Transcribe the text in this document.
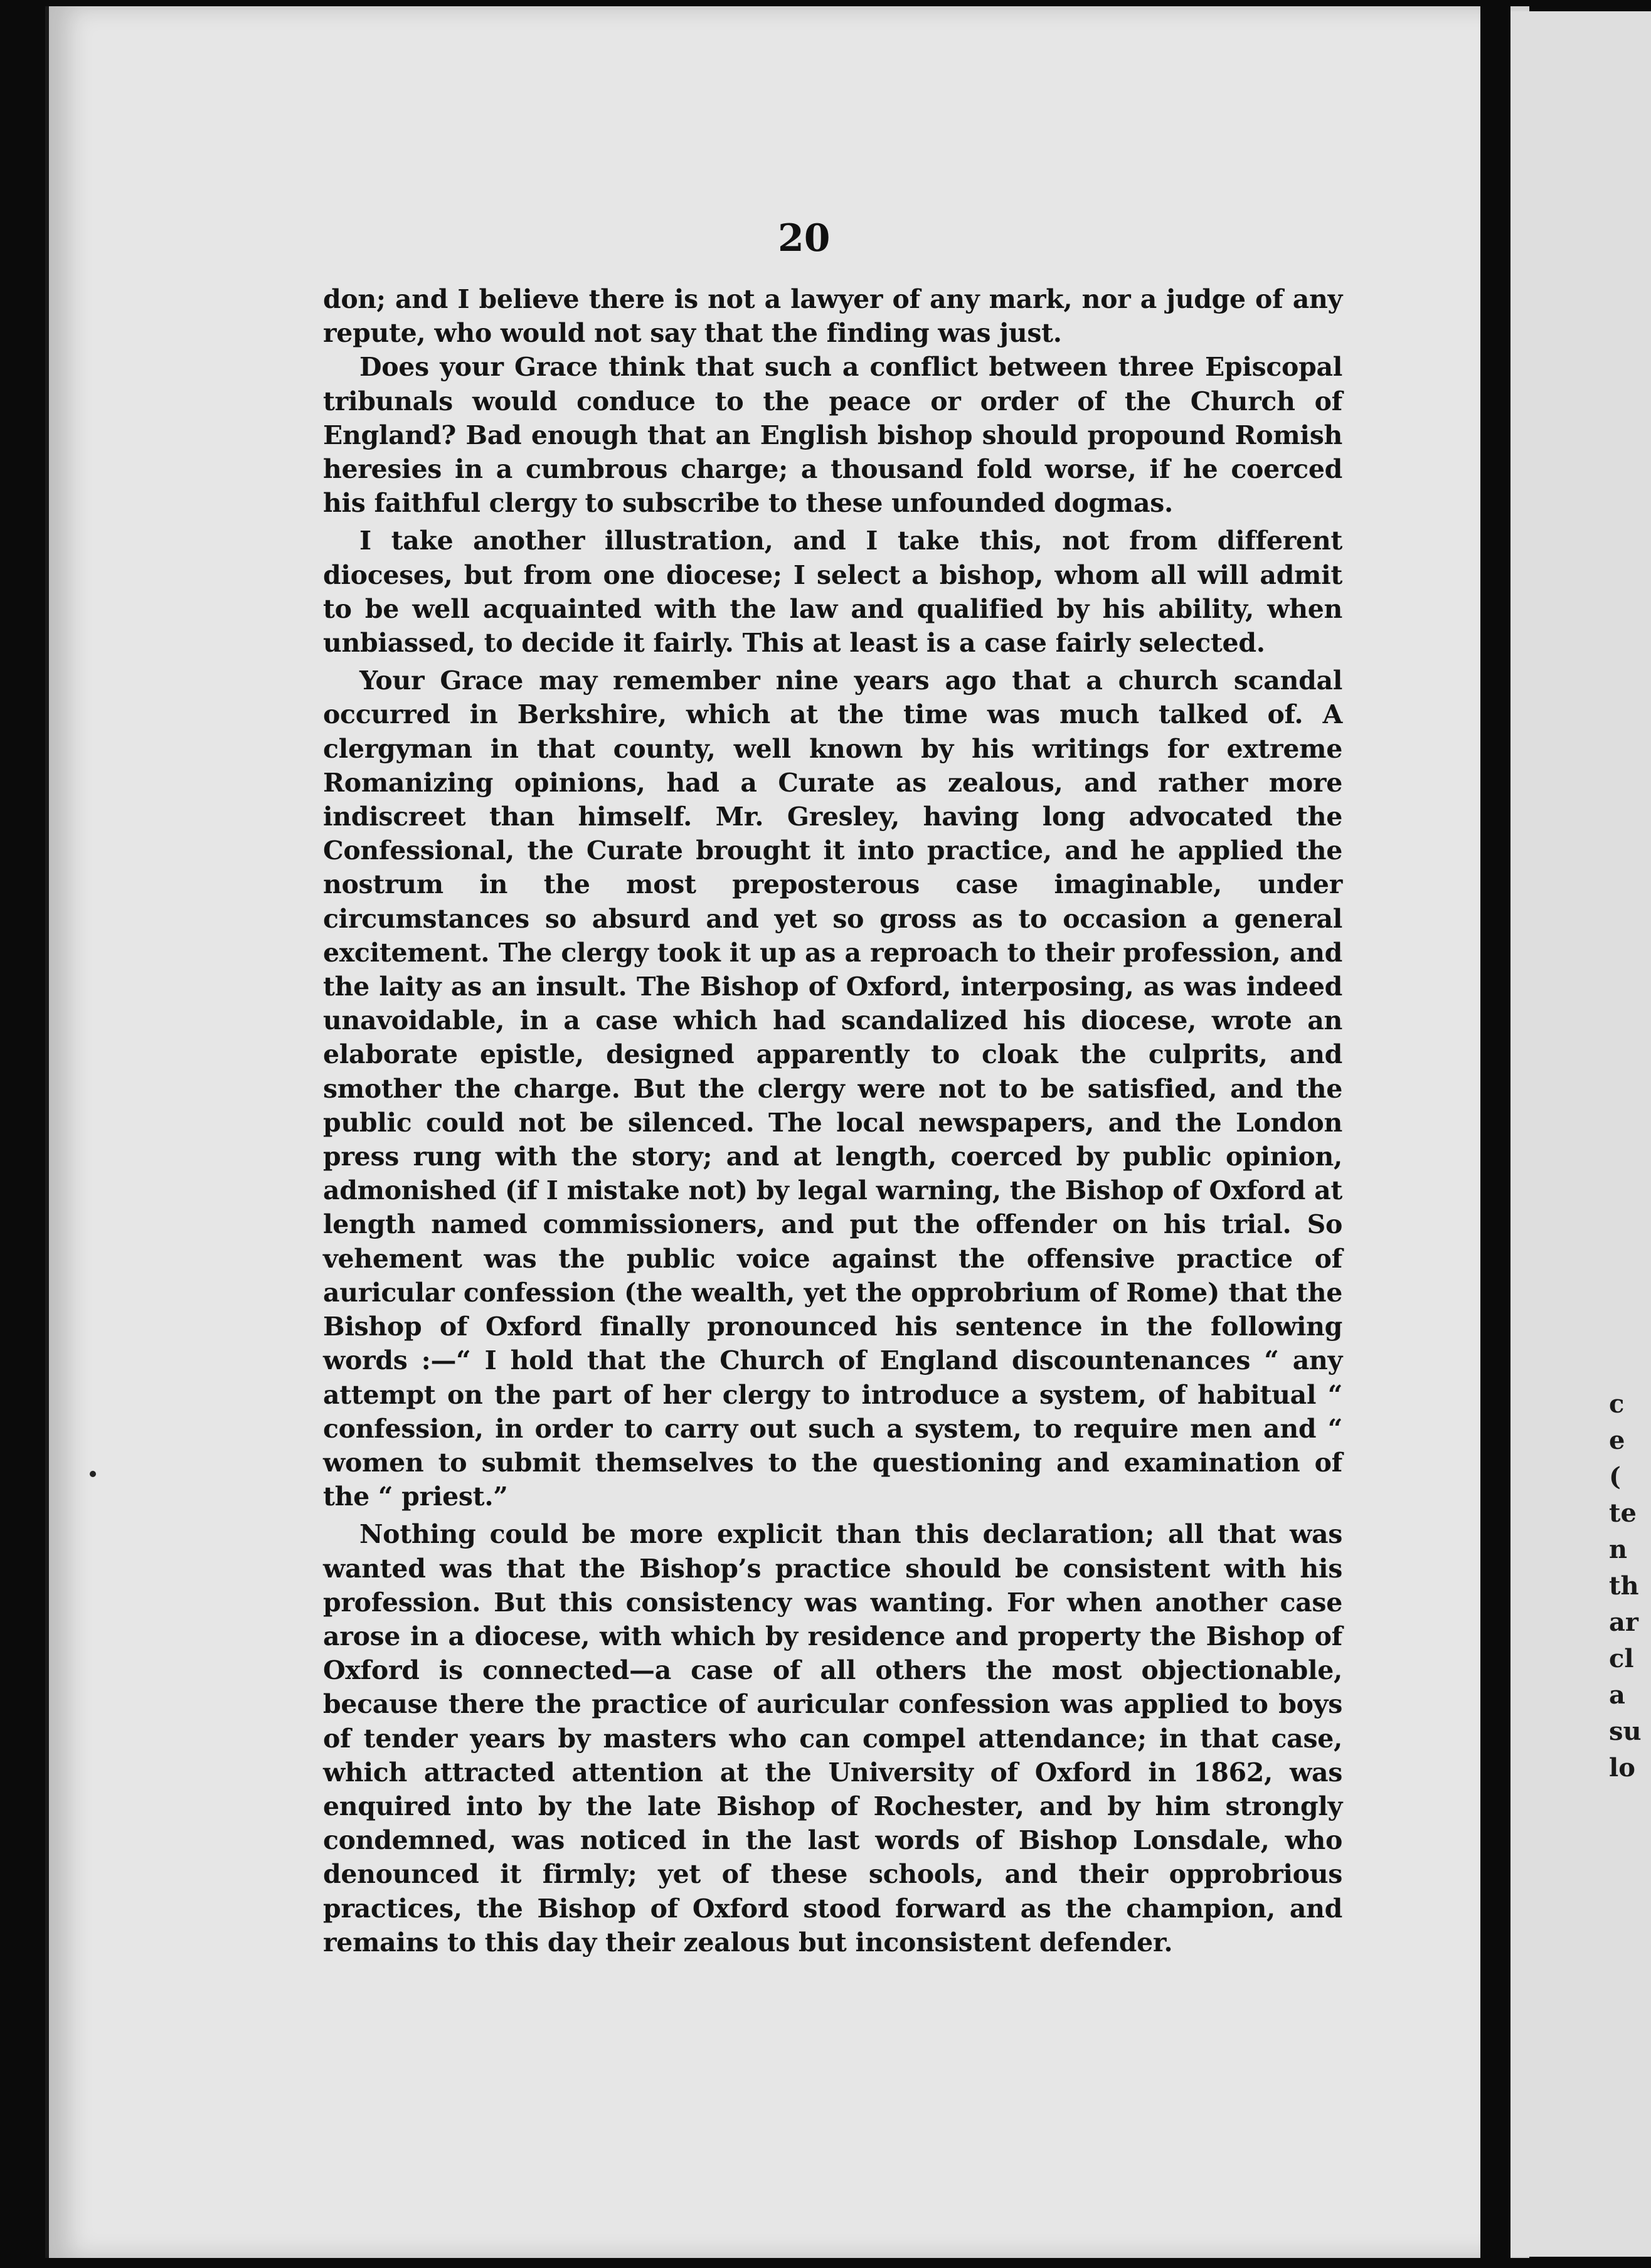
20

don; and I believe there is not a lawyer of any mark, nor a judge of any repute, who would not say that the finding was just.

Does your Grace think that such a conflict between three Episcopal tribunals would conduce to the peace or order of the Church of England? Bad enough that an English bishop should propound Romish heresies in a cumbrous charge; a thousand fold worse, if he coerced his faithful clergy to subscribe to these unfounded dogmas.

I take another illustration, and I take this, not from different dioceses, but from one diocese; I select a bishop, whom all will admit to be well acquainted with the law and qualified by his ability, when unbiassed, to decide it fairly. This at least is a case fairly selected.

Your Grace may remember nine years ago that a church scandal occurred in Berkshire, which at the time was much talked of. A clergyman in that county, well known by his writings for extreme Romanizing opinions, had a Curate as zealous, and rather more indiscreet than himself. Mr. Gresley, having long advocated the Confessional, the Curate brought it into practice, and he applied the nostrum in the most preposterous case imaginable, under circumstances so absurd and yet so gross as to occasion a general excitement. The clergy took it up as a reproach to their profession, and the laity as an insult. The Bishop of Oxford, interposing, as was indeed unavoidable, in a case which had scandalized his diocese, wrote an elaborate epistle, designed apparently to cloak the culprits, and smother the charge. But the clergy were not to be satisfied, and the public could not be silenced. The local newspapers, and the London press rung with the story; and at length, coerced by public opinion, admonished (if I mistake not) by legal warning, the Bishop of Oxford at length named commissioners, and put the offender on his trial. So vehement was the public voice against the offensive practice of auricular confession (the wealth, yet the opprobrium of Rome) that the Bishop of Oxford finally pronounced his sentence in the following words :—“ I hold that the Church of England discountenances “ any attempt on the part of her clergy to introduce a system, of habitual “ confession, in order to carry out such a system, to require men and “ women to submit themselves to the questioning and examination of the “ priest.”

Nothing could be more explicit than this declaration; all that was wanted was that the Bishop’s practice should be consistent with his profession. But this consistency was wanting. For when another case arose in a diocese, with which by residence and property the Bishop of Oxford is connected—a case of all others the most objectionable, because there the practice of auricular confession was applied to boys of tender years by masters who can compel attendance; in that case, which attracted attention at the University of Oxford in 1862, was enquired into by the late Bishop of Rochester, and by him strongly condemned, was noticed in the last words of Bishop Lonsdale, who denounced it firmly; yet of these schools, and their opprobrious practices, the Bishop of Oxford stood forward as the champion, and remains to this day their zealous but inconsistent defender.

c
e
(
te
n
th
ar
cl
a
su
lo
